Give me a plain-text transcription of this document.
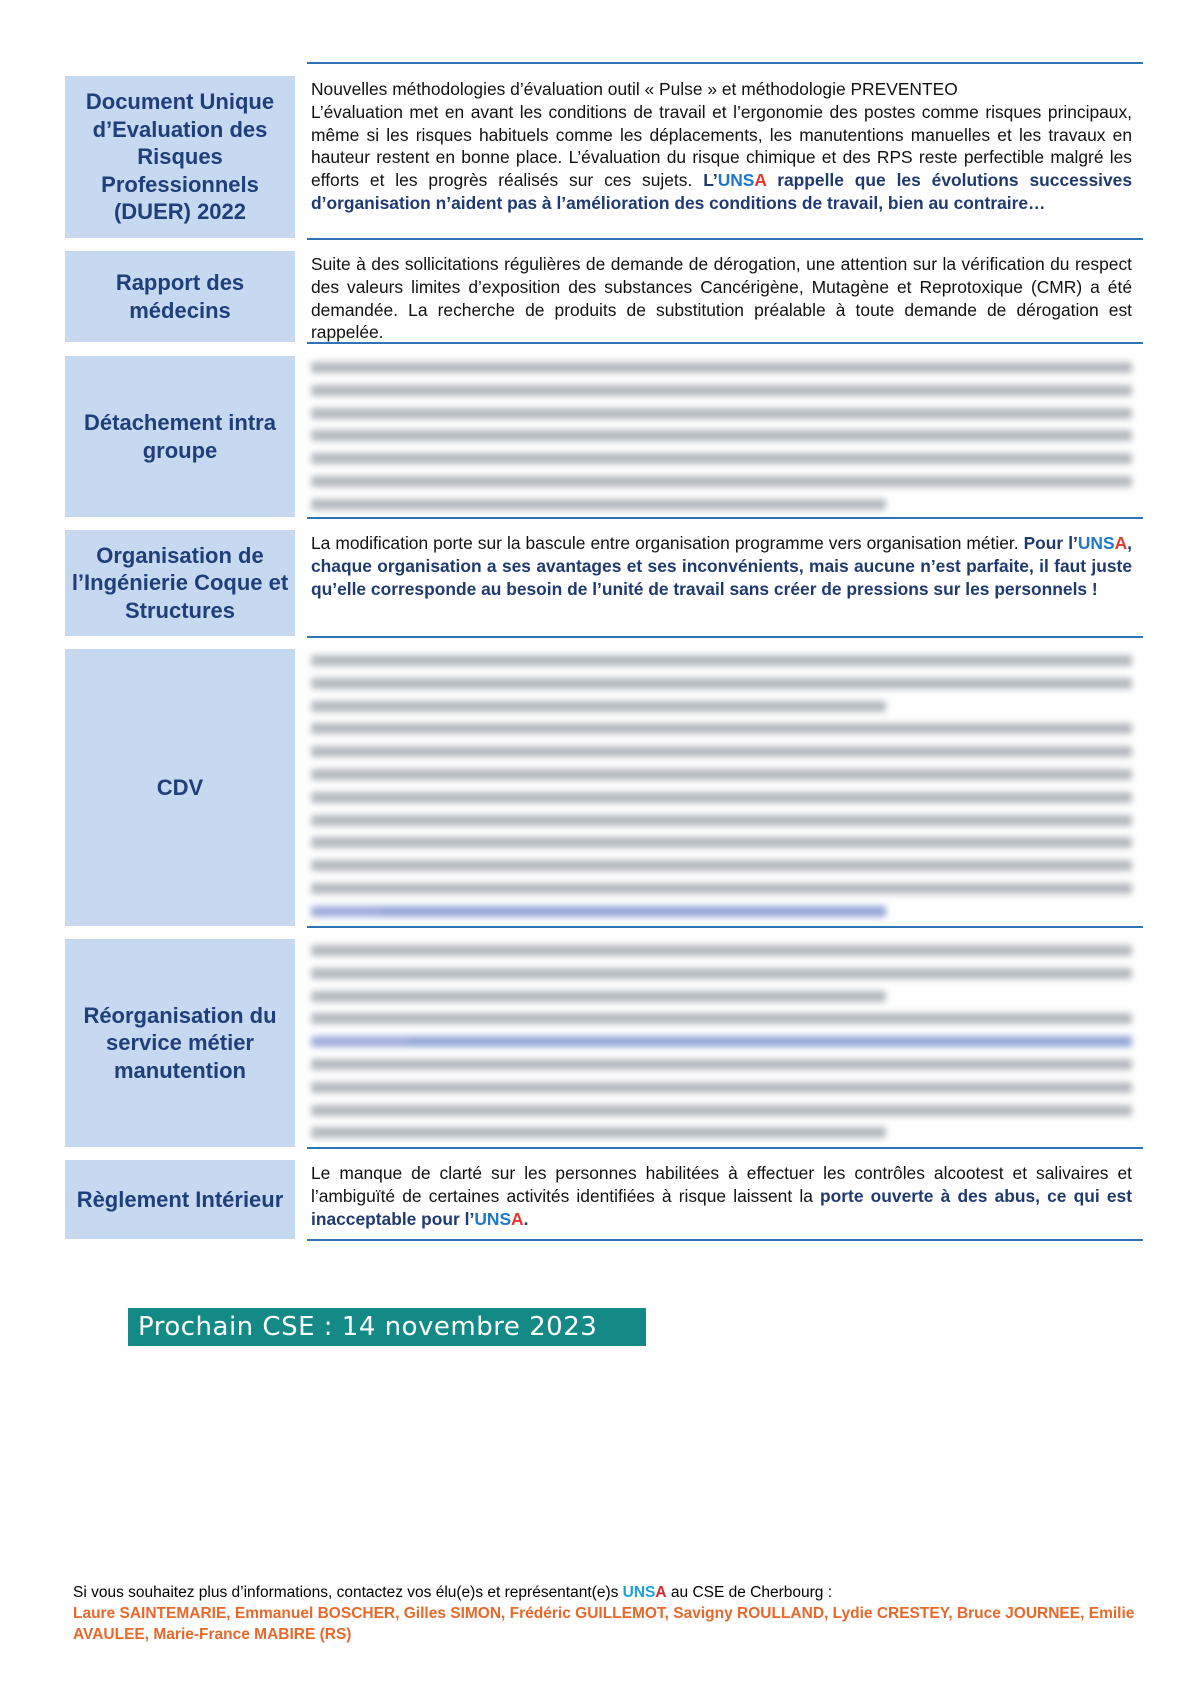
Document Unique d’Evaluation des Risques Professionnels (DUER) 2022

Nouvelles méthodologies d’évaluation outil « Pulse » et méthodologie PREVENTEO

L’évaluation met en avant les conditions de travail et l’ergonomie des postes comme risques principaux, même si les risques habituels comme les déplacements, les manutentions manuelles et les travaux en hauteur restent en bonne place. L’évaluation du risque chimique et des RPS reste perfectible malgré les efforts et les progrès réalisés sur ces sujets. L’UNSA rappelle que les évolutions successives d’organisation n’aident pas à l’amélioration des conditions de travail, bien au contraire…

Rapport des médecins

Suite à des sollicitations régulières de demande de dérogation, une attention sur la vérification du respect des valeurs limites d’exposition des substances Cancérigène, Mutagène et Reprotoxique (CMR) a été demandée. La recherche de produits de substitution préalable à toute demande de dérogation est rappelée.

Détachement intra groupe
Organisation de l’Ingénierie Coque et Structures

La modification porte sur la bascule entre organisation programme vers organisation métier. Pour l’UNSA, chaque organisation a ses avantages et ses inconvénients, mais aucune n’est parfaite, il faut juste qu’elle corresponde au besoin de l’unité de travail sans créer de pressions sur les personnels !

CDV
Réorganisation du service métier manutention
Règlement Intérieur

Le manque de clarté sur les personnes habilitées à effectuer les contrôles alcootest et salivaires et l’ambiguïté de certaines activités identifiées à risque laissent la porte ouverte à des abus, ce qui est inacceptable pour l’UNSA.

Prochain CSE : 14 novembre 2023
Si vous souhaitez plus d’informations, contactez vos élu(e)s et représentant(e)s UNSA au CSE de Cherbourg :
Laure SAINTEMARIE, Emmanuel BOSCHER, Gilles SIMON, Frédéric GUILLEMOT, Savigny ROULLAND, Lydie CRESTEY, Bruce JOURNEE, Emilie AVAULEE, Marie-France MABIRE (RS)
